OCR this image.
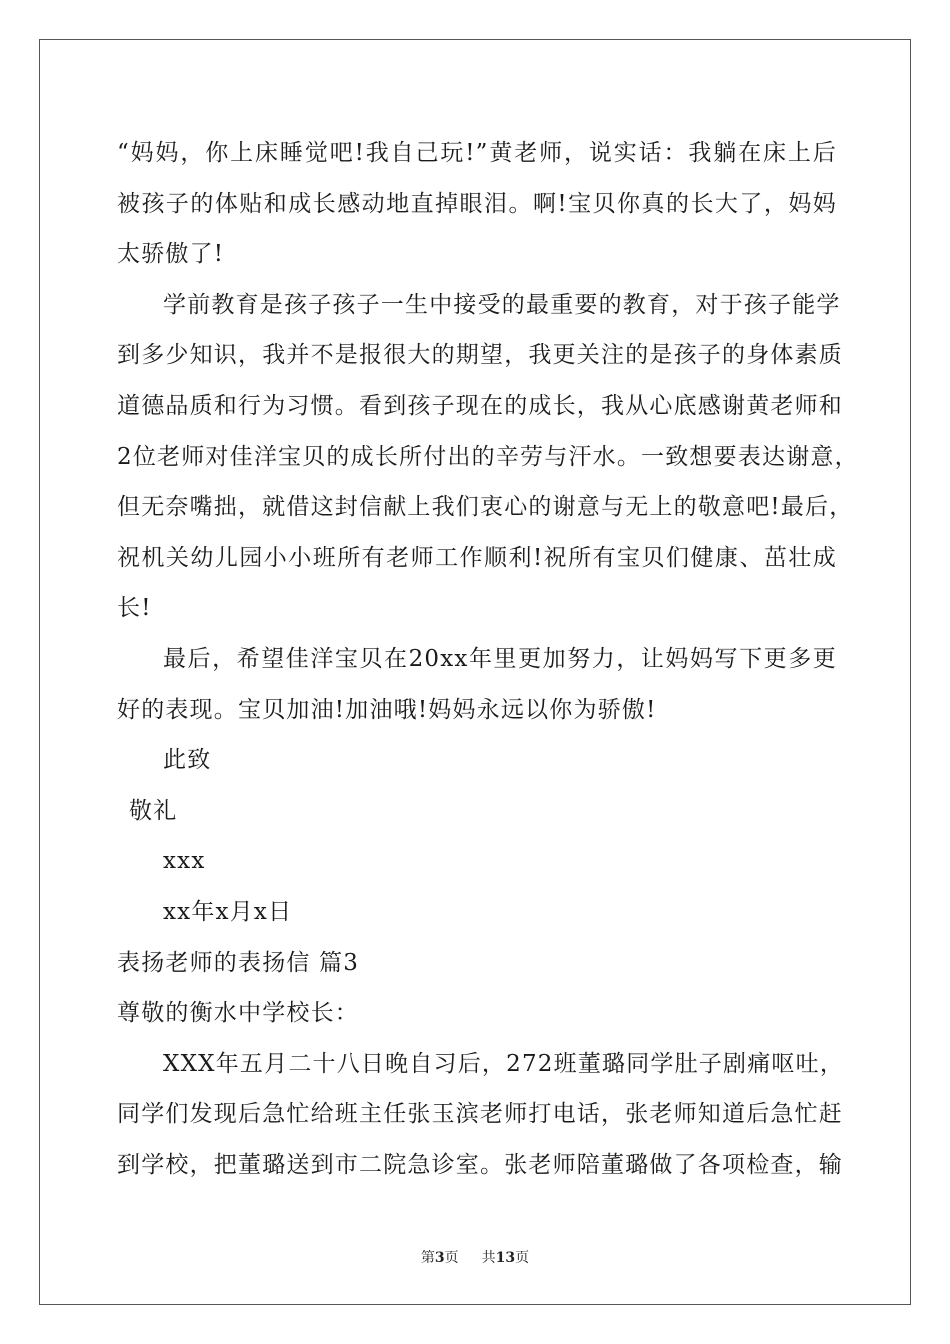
“妈妈，你上床睡觉吧!我自己玩!”黄老师，说实话：我躺在床上后
被孩子的体贴和成长感动地直掉眼泪。啊!宝贝你真的长大了，妈妈
太骄傲了!
学前教育是孩子孩子一生中接受的最重要的教育，对于孩子能学
到多少知识，我并不是报很大的期望，我更关注的是孩子的身体素质
道德品质和行为习惯。看到孩子现在的成长，我从心底感谢黄老师和
2位老师对佳洋宝贝的成长所付出的辛劳与汗水。一致想要表达谢意，
但无奈嘴拙，就借这封信献上我们衷心的谢意与无上的敬意吧!最后，
祝机关幼儿园小小班所有老师工作顺利!祝所有宝贝们健康、茁壮成
长!
最后，希望佳洋宝贝在20xx年里更加努力，让妈妈写下更多更
好的表现。宝贝加油!加油哦!妈妈永远以你为骄傲!
此致
敬礼
xxx
xx年x月x日
表扬老师的表扬信 篇3
尊敬的衡水中学校长：
XXX年五月二十八日晚自习后，272班董璐同学肚子剧痛呕吐，
同学们发现后急忙给班主任张玉滨老师打电话，张老师知道后急忙赶
到学校，把董璐送到市二院急诊室。张老师陪董璐做了各项检查，输
第3页 共13页
